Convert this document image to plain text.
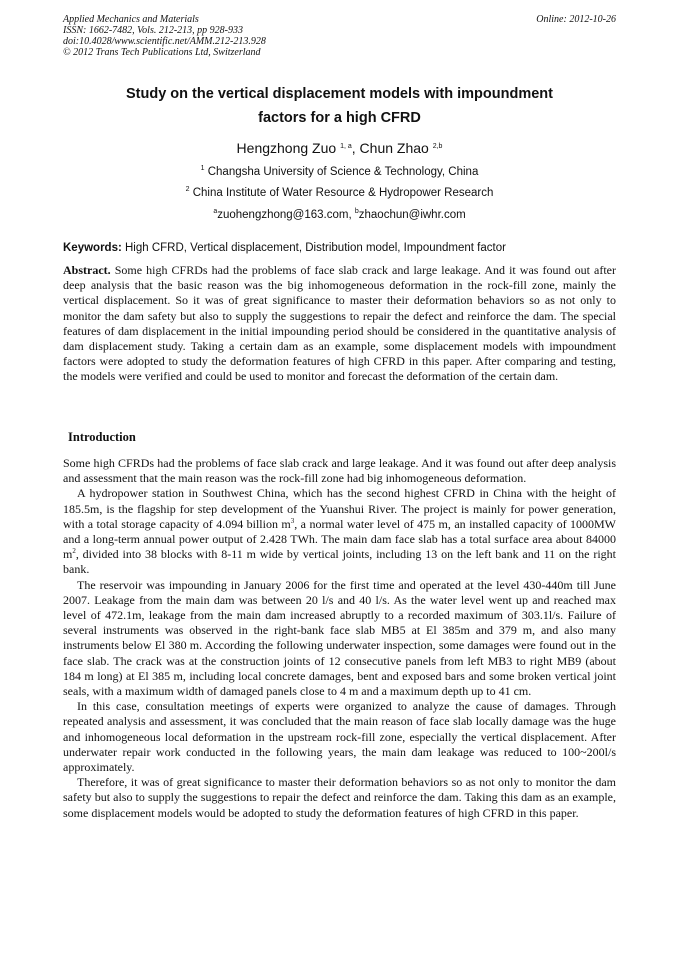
Applied Mechanics and Materials
ISSN: 1662-7482, Vols. 212-213, pp 928-933
doi:10.4028/www.scientific.net/AMM.212-213.928
© 2012 Trans Tech Publications Ltd, Switzerland
Online: 2012-10-26
Study on the vertical displacement models with impoundment
factors for a high CFRD
Hengzhong Zuo $^{1, a}$, Chun Zhao $^{2,b}$
$^1$ Changsha University of Science & Technology, China
$^2$ China Institute of Water Resource & Hydropower Research
$^a$zuohengzhong@163.com, $^b$zhaochun@iwhr.com
Keywords: High CFRD, Vertical displacement, Distribution model, Impoundment factor

Abstract. Some high CFRDs had the problems of face slab crack and large leakage. And it was found out after deep analysis that the basic reason was the big inhomogeneous deformation in the rock-fill zone, mainly the vertical displacement. So it was of great significance to master their deformation behaviors so as not only to monitor the dam safety but also to supply the suggestions to repair the defect and reinforce the dam. The special features of dam displacement in the initial impounding period should be considered in the quantitative analysis of dam displacement study. Taking a certain dam as an example, some displacement models with impoundment factors were adopted to study the deformation features of high CFRD in this paper. After comparing and testing, the models were verified and could be used to monitor and forecast the deformation of the certain dam.

Introduction

Some high CFRDs had the problems of face slab crack and large leakage. And it was found out after deep analysis and assessment that the main reason was the rock-fill zone had big inhomogeneous deformation.

A hydropower station in Southwest China, which has the second highest CFRD in China with the height of 185.5m, is the flagship for step development of the Yuanshui River. The project is mainly for power generation, with a total storage capacity of 4.094 billion $m^3$, a normal water level of 475 m, an installed capacity of 1000MW and a long-term annual power output of 2.428 TWh. The main dam face slab has a total surface area about 84000 $m^2$, divided into 38 blocks with 8-11 m wide by vertical joints, including 13 on the left bank and 11 on the right bank.

The reservoir was impounding in January 2006 for the first time and operated at the level 430-440m till June 2007. Leakage from the main dam was between 20 l/s and 40 l/s. As the water level went up and reached max level of 472.1m, leakage from the main dam increased abruptly to a recorded maximum of 303.1l/s. Failure of several instruments was observed in the right-bank face slab MB5 at El 385m and 379 m, and also many instruments below El 380 m. According the following underwater inspection, some damages were found out in the face slab. The crack was at the construction joints of 12 consecutive panels from left MB3 to right MB9 (about 184 m long) at El 385 m, including local concrete damages, bent and exposed bars and some broken vertical joint seals, with a maximum width of damaged panels close to 4 m and a maximum depth up to 41 cm.

In this case, consultation meetings of experts were organized to analyze the cause of damages. Through repeated analysis and assessment, it was concluded that the main reason of face slab locally damage was the huge and inhomogeneous local deformation in the upstream rock-fill zone, especially the vertical displacement. After underwater repair work conducted in the following years, the main dam leakage was reduced to 100~200l/s approximately.

Therefore, it was of great significance to master their deformation behaviors so as not only to monitor the dam safety but also to supply the suggestions to repair the defect and reinforce the dam. Taking this dam as an example, some displacement models would be adopted to study the deformation features of high CFRD in this paper.
